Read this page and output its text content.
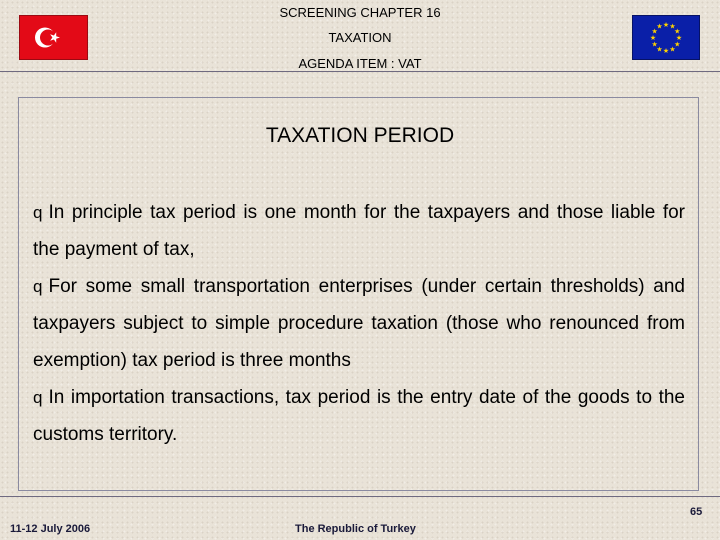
SCREENING CHAPTER 16
TAXATION
AGENDA ITEM : VAT
★ ★
★
★
★
★
★
★
★
★
★
★
TAXATION PERIOD

q In principle tax period is one month for the taxpayers and those liable for the payment of tax,

q For some small transportation enterprises (under certain thresholds) and taxpayers subject to simple procedure taxation (those who renounced from exemption) tax period is three months

q In importation transactions, tax period is the entry date of the goods to the customs territory.

11-12 July 2006	The Republic of Turkey
65
